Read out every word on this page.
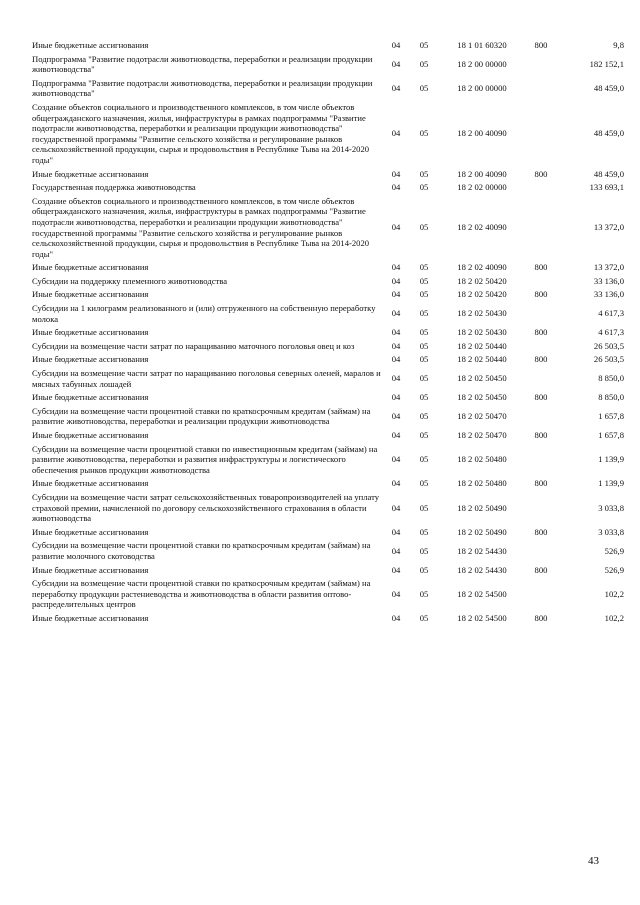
Иные бюджетные ассигнования	04	05	18 1 01 60320	800	9,8
Подпрограмма "Развитие подотрасли животноводства, переработки и реализации продукции животноводства"	04	05	18 2 00 00000		182 152,1
Подпрограмма "Развитие подотрасли животноводства, переработки и реализации продукции животноводства"	04	05	18 2 00 00000		48 459,0
Создание объектов социального и производственного комплексов, в том числе объектов общегражданского назначения, жилья, инфраструктуры в рамках подпрограммы "Развитие подотрасли животноводства, переработки и реализации продукции животноводства" государственной программы "Развитие сельского хозяйства и регулирование рынков сельскохозяйственной продукции, сырья и продовольствия в Республике Тыва на 2014-2020 годы"	04	05	18 2 00 40090		48 459,0
Иные бюджетные ассигнования	04	05	18 2 00 40090	800	48 459,0
Государственная поддержка животноводства	04	05	18 2 02 00000		133 693,1
Создание объектов социального и производственного комплексов, в том числе объектов общегражданского назначения, жилья, инфраструктуры в рамках подпрограммы "Развитие подотрасли животноводства, переработки и реализации продукции животноводства" государственной программы "Развитие сельского хозяйства и регулирование рынков сельскохозяйственной продукции, сырья и продовольствия в Республике Тыва на 2014-2020 годы"	04	05	18 2 02 40090		13 372,0
Иные бюджетные ассигнования	04	05	18 2 02 40090	800	13 372,0
Субсидии на поддержку племенного животноводства	04	05	18 2 02 50420		33 136,0
Иные бюджетные ассигнования	04	05	18 2 02 50420	800	33 136,0
Субсидии на 1 килограмм реализованного и (или) отгруженного на собственную переработку молока	04	05	18 2 02 50430		4 617,3
Иные бюджетные ассигнования	04	05	18 2 02 50430	800	4 617,3
Субсидии на возмещение части затрат по наращиванию маточного поголовья овец и коз	04	05	18 2 02 50440		26 503,5
Иные бюджетные ассигнования	04	05	18 2 02 50440	800	26 503,5
Субсидии на возмещение части затрат по наращиванию поголовья северных оленей, маралов и мясных табунных лошадей	04	05	18 2 02 50450		8 850,0
Иные бюджетные ассигнования	04	05	18 2 02 50450	800	8 850,0
Субсидии на возмещение части процентной ставки по краткосрочным кредитам (займам) на развитие животноводства, переработки и реализации продукции животноводства	04	05	18 2 02 50470		1 657,8
Иные бюджетные ассигнования	04	05	18 2 02 50470	800	1 657,8
Субсидии на возмещение части процентной ставки по инвестиционным кредитам (займам) на развитие животноводства, переработки и развития инфраструктуры и логистического обеспечения рынков продукции животноводства	04	05	18 2 02 50480		1 139,9
Иные бюджетные ассигнования	04	05	18 2 02 50480	800	1 139,9
Субсидии на возмещение части затрат сельскохозяйственных товаропроизводителей на уплату страховой премии, начисленной по договору сельскохозяйственного страхования в области животноводства	04	05	18 2 02 50490		3 033,8
Иные бюджетные ассигнования	04	05	18 2 02 50490	800	3 033,8
Субсидии на возмещение части процентной ставки по краткосрочным кредитам (займам) на развитие молочного скотоводства	04	05	18 2 02 54430		526,9
Иные бюджетные ассигнования	04	05	18 2 02 54430	800	526,9
Субсидии на возмещение части процентной ставки по краткосрочным кредитам (займам) на переработку продукции растениеводства и животноводства в области развития оптово-распределительных центров	04	05	18 2 02 54500		102,2
Иные бюджетные ассигнования	04	05	18 2 02 54500	800	102,2
43
